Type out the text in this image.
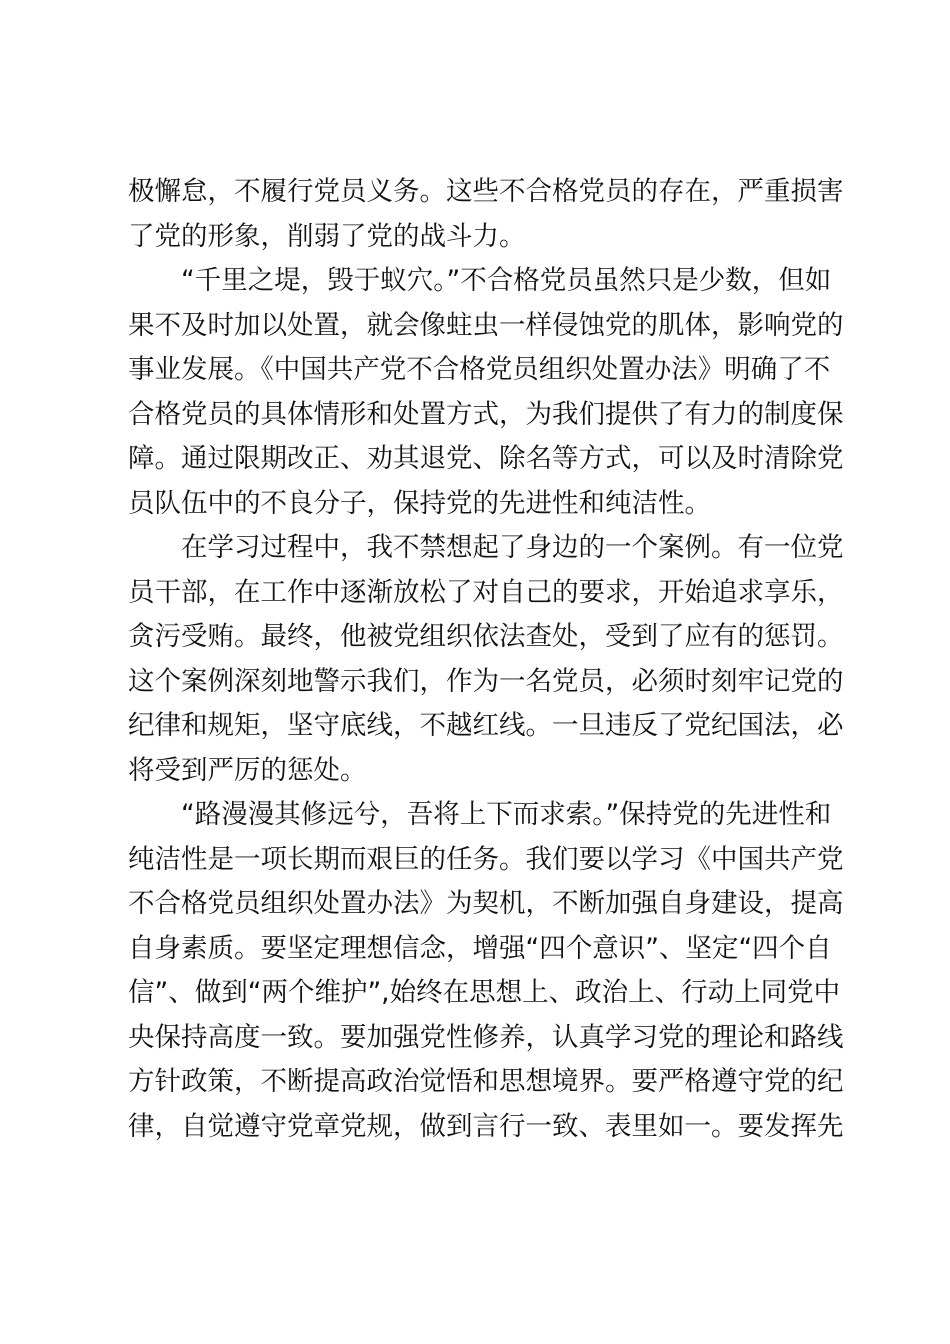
极懈怠，不履行党员义务。这些不合格党员的存在，严重损害
了党的形象，削弱了党的战斗力。
“千里之堤，毁于蚁穴。”不合格党员虽然只是少数，但如
果不及时加以处置，就会像蛀虫一样侵蚀党的肌体，影响党的
事业发展。《中国共产党不合格党员组织处置办法》明确了不
合格党员的具体情形和处置方式，为我们提供了有力的制度保
障。通过限期改正、劝其退党、除名等方式，可以及时清除党
员队伍中的不良分子，保持党的先进性和纯洁性。
在学习过程中，我不禁想起了身边的一个案例。有一位党
员干部，在工作中逐渐放松了对自己的要求，开始追求享乐，
贪污受贿。最终，他被党组织依法查处，受到了应有的惩罚。
这个案例深刻地警示我们，作为一名党员，必须时刻牢记党的
纪律和规矩，坚守底线，不越红线。一旦违反了党纪国法，必
将受到严厉的惩处。
“路漫漫其修远兮，吾将上下而求索。”保持党的先进性和
纯洁性是一项长期而艰巨的任务。我们要以学习《中国共产党
不合格党员组织处置办法》为契机，不断加强自身建设，提高
自身素质。要坚定理想信念，增强“四个意识”、坚定“四个自
信”、做到“两个维护”,始终在思想上、政治上、行动上同党中
央保持高度一致。要加强党性修养，认真学习党的理论和路线
方针政策，不断提高政治觉悟和思想境界。要严格遵守党的纪
律，自觉遵守党章党规，做到言行一致、表里如一。要发挥先
